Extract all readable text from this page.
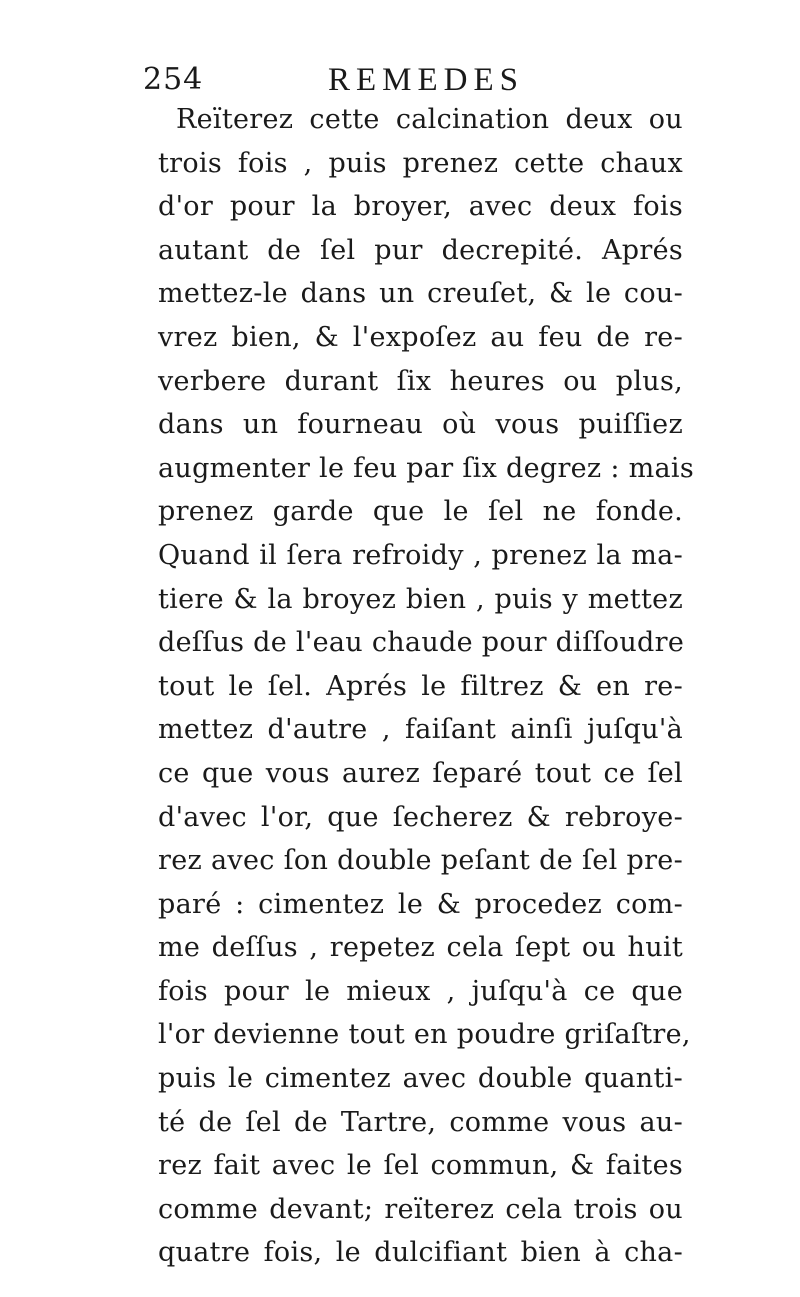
254	REMEDES
Reïterez cette calcination deux ou
trois fois , puis prenez cette chaux
d'or pour la broyer, avec deux fois
autant de ſel pur decrepité. Aprés
mettez-le dans un creuſet, & le cou-
vrez bien, & l'expoſez au feu de re-
verbere durant ſix heures ou plus,
dans un fourneau où vous puiſſiez
augmenter le feu par ſix degrez : mais
prenez garde que le ſel ne fonde.
Quand il ſera refroidy , prenez la ma-
tiere & la broyez bien , puis y mettez
deſſus de l'eau chaude pour diſſoudre
tout le ſel. Aprés le filtrez & en re-
mettez d'autre , faiſant ainſi juſqu'à
ce que vous aurez ſeparé tout ce ſel
d'avec l'or, que ſecherez & rebroye-
rez avec ſon double peſant de ſel pre-
paré : cimentez le & procedez com-
me deſſus , repetez cela ſept ou huit
fois pour le mieux , juſqu'à ce que
l'or devienne tout en poudre griſaſtre,
puis le cimentez avec double quanti-
té de ſel de Tartre, comme vous au-
rez fait avec le ſel commun, & faites
comme devant; reïterez cela trois ou
quatre fois, le dulcifiant bien à cha-
